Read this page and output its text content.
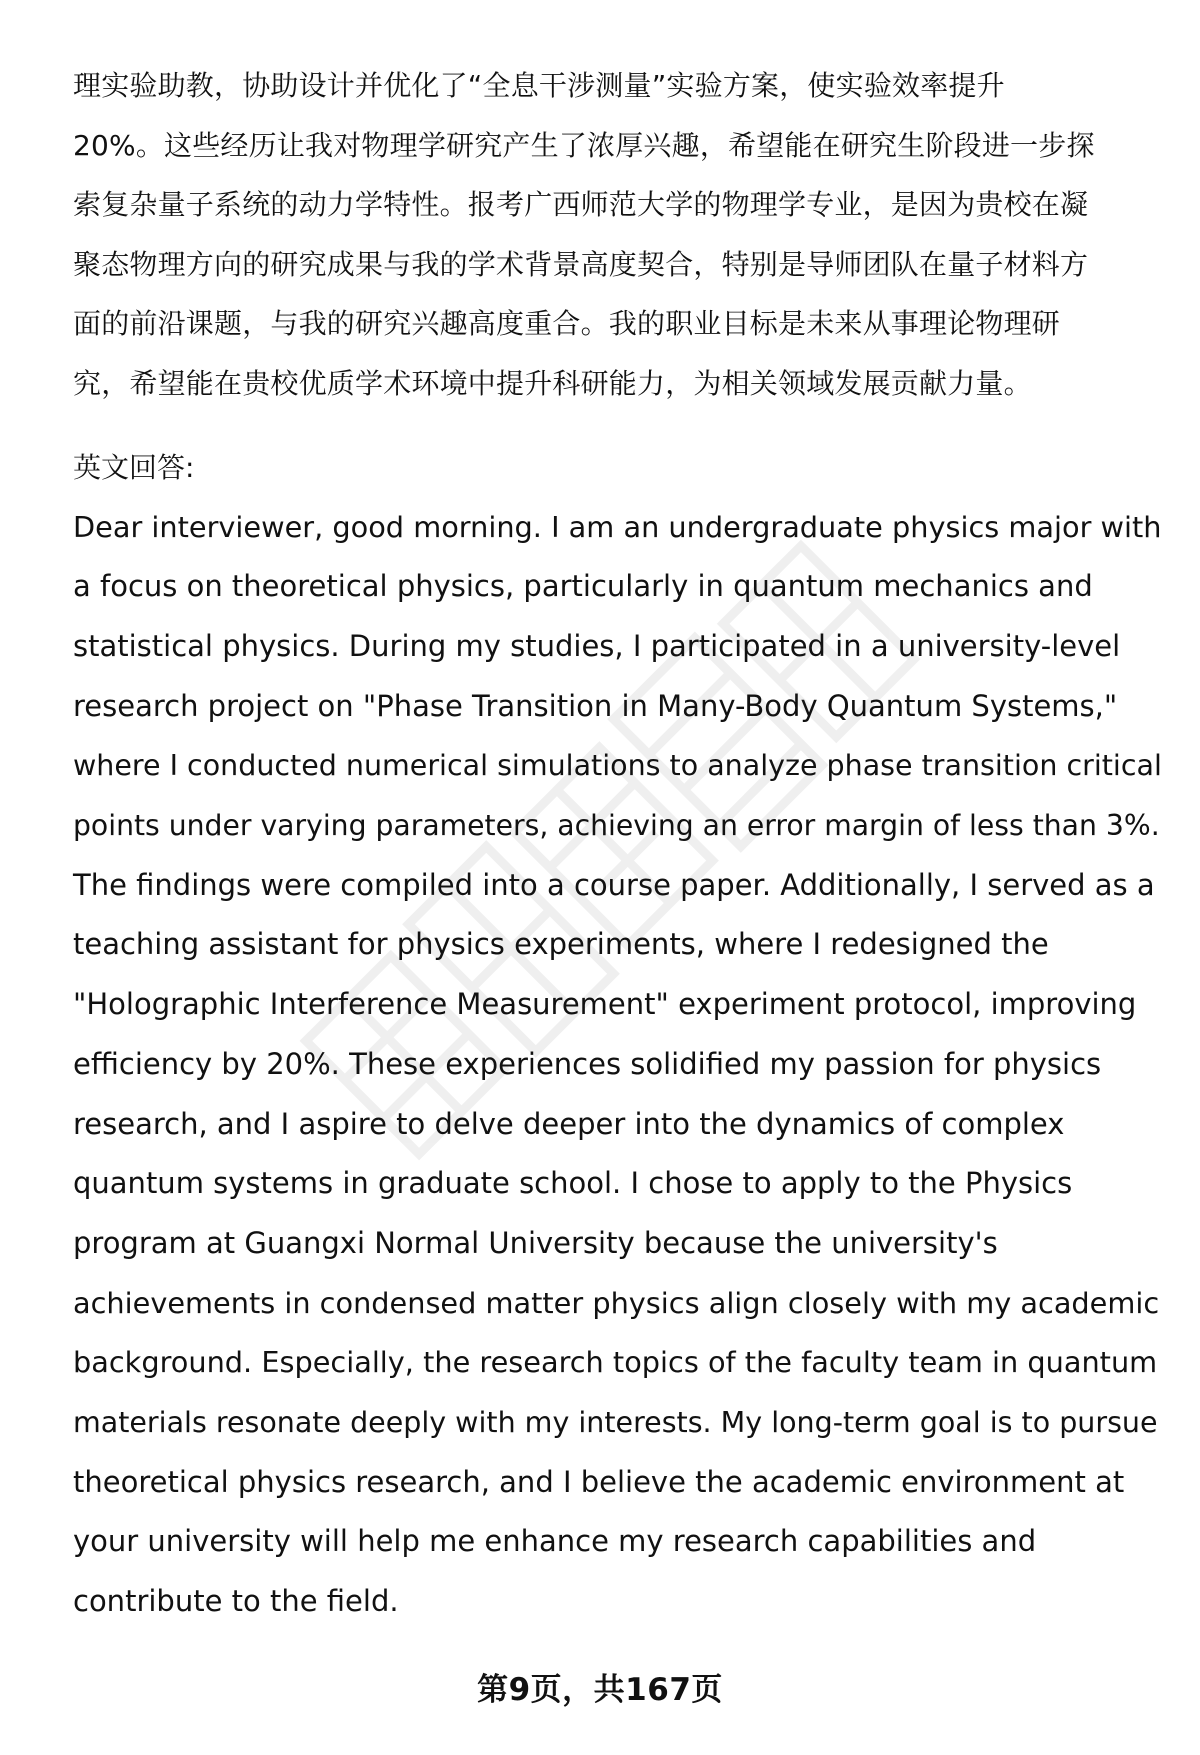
理实验助教，协助设计并优化了“全息干涉测量”实验方案，使实验效率提升
20%。这些经历让我对物理学研究产生了浓厚兴趣，希望能在研究生阶段进一步探
索复杂量子系统的动力学特性。报考广西师范大学的物理学专业，是因为贵校在凝
聚态物理方向的研究成果与我的学术背景高度契合，特别是导师团队在量子材料方
面的前沿课题，与我的研究兴趣高度重合。我的职业目标是未来从事理论物理研
究，希望能在贵校优质学术环境中提升科研能力，为相关领域发展贡献力量。

英文回答:

Dear interviewer, good morning. I am an undergraduate physics major with
a focus on theoretical physics, particularly in quantum mechanics and
statistical physics. During my studies, I participated in a university-level
research project on "Phase Transition in Many-Body Quantum Systems,"
where I conducted numerical simulations to analyze phase transition critical
points under varying parameters, achieving an error margin of less than 3%.
The findings were compiled into a course paper. Additionally, I served as a
teaching assistant for physics experiments, where I redesigned the
"Holographic Interference Measurement" experiment protocol, improving
efficiency by 20%. These experiences solidified my passion for physics
research, and I aspire to delve deeper into the dynamics of complex
quantum systems in graduate school. I chose to apply to the Physics
program at Guangxi Normal University because the university's
achievements in condensed matter physics align closely with my academic
background. Especially, the research topics of the faculty team in quantum
materials resonate deeply with my interests. My long-term goal is to pursue
theoretical physics research, and I believe the academic environment at
your university will help me enhance my research capabilities and
contribute to the field.

第9页，共167页
